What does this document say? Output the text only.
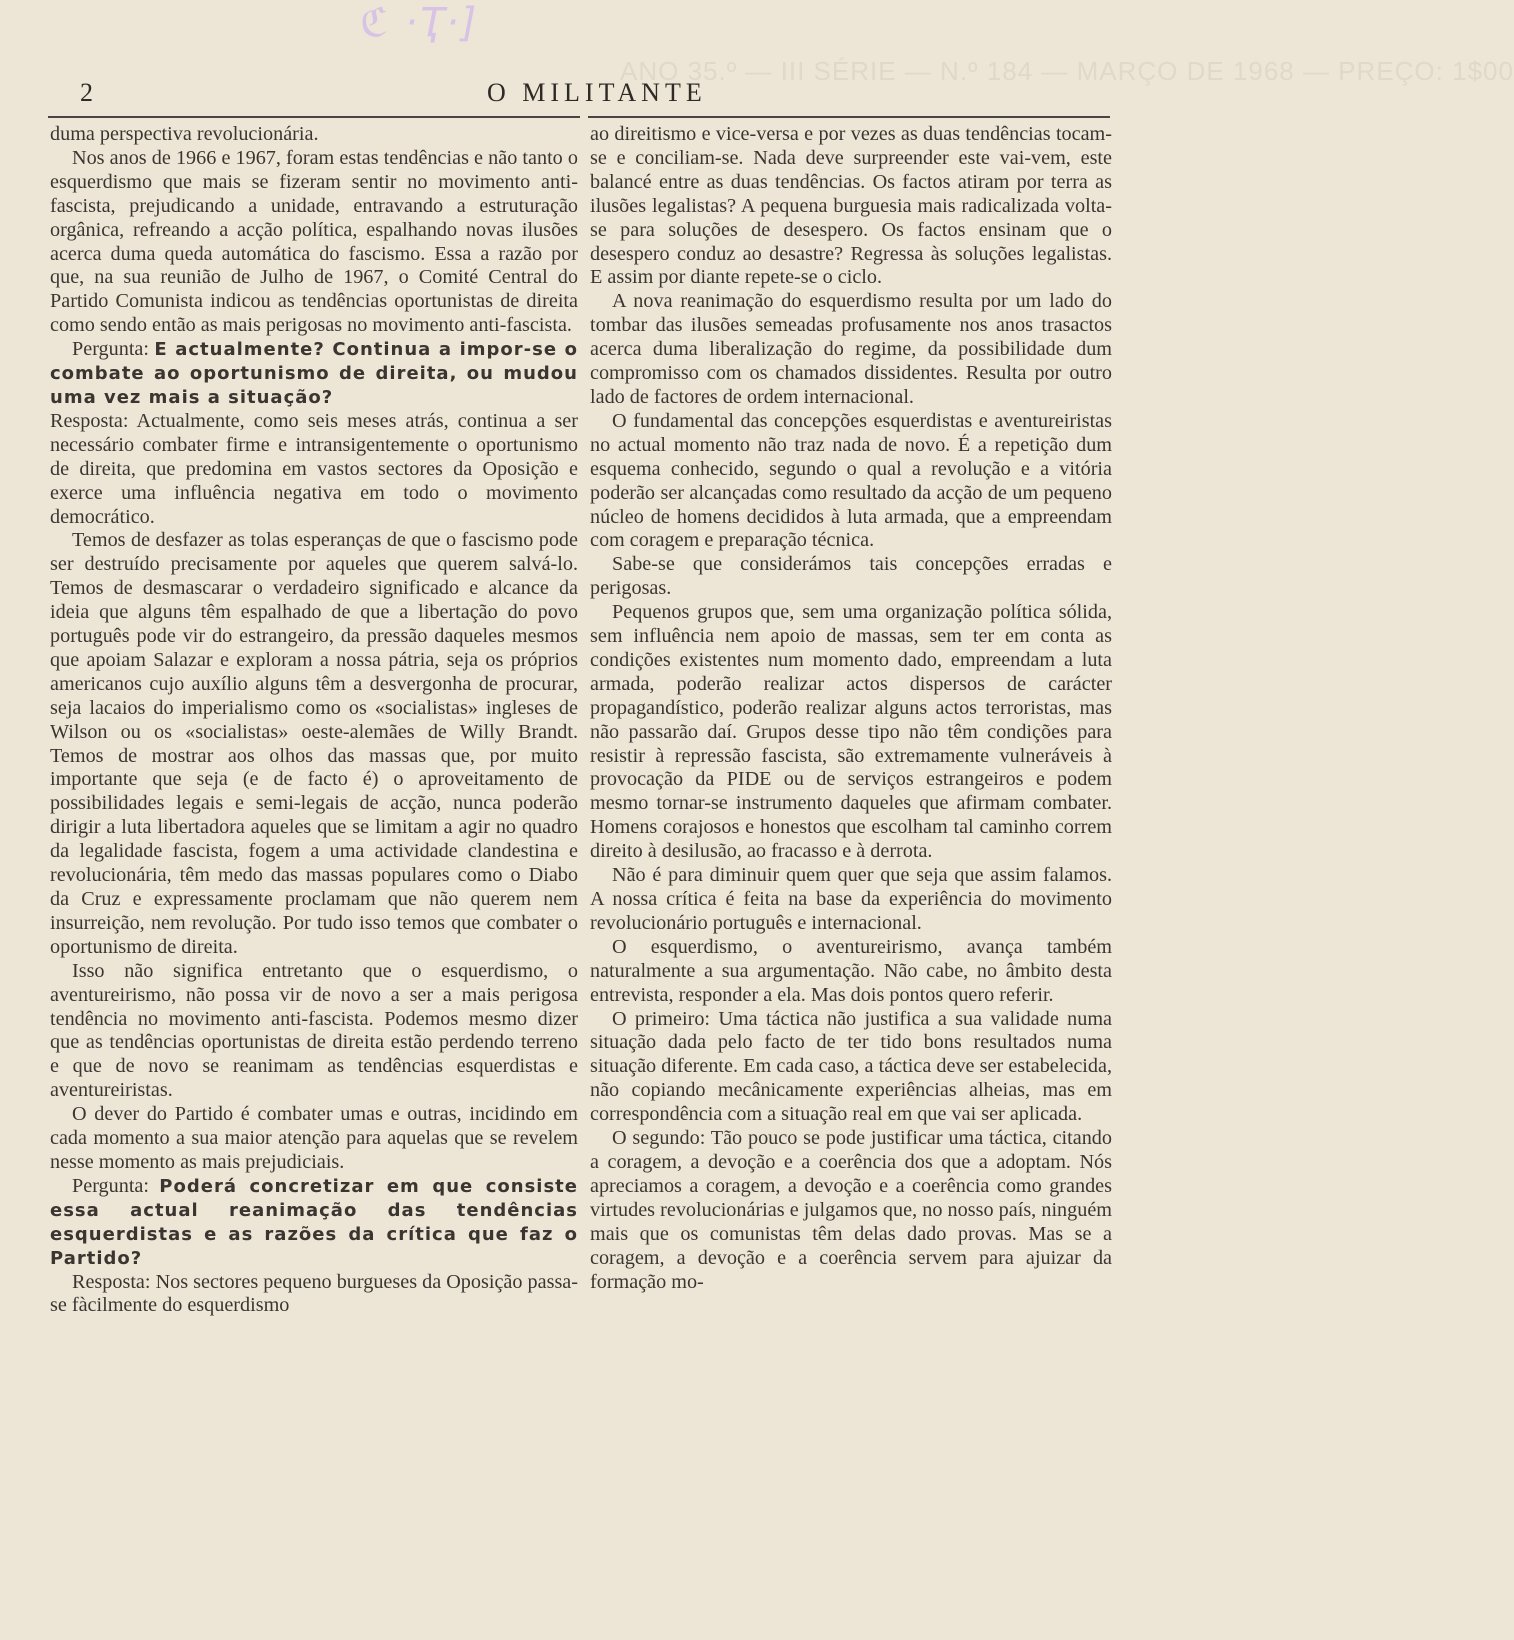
ℭ ·Ҭ·]
ANO 35.º — III SÉRIE — N.º 184 — MARÇO DE 1968 — PREÇO: 1$00
2	O MILITANTE

duma perspectiva revolucionária.

Nos anos de 1966 e 1967, foram estas tendências e não tanto o esquerdismo que mais se fizeram sentir no movimento anti-fascista, prejudicando a unidade, entravando a estruturação orgânica, refreando a acção política, espalhando novas ilusões acerca duma queda automática do fascismo. Essa a razão por que, na sua reunião de Julho de 1967, o Comité Central do Partido Comunista indicou as tendências oportunistas de direita como sendo então as mais perigosas no movimento anti-fascista.

Pergunta: E actualmente? Continua a impor-se o combate ao oportunismo de direita, ou mudou uma vez mais a situação?

Resposta: Actualmente, como seis meses atrás, continua a ser necessário combater firme e intransigentemente o oportunismo de direita, que predomina em vastos sectores da Oposição e exerce uma influência negativa em todo o movimento democrático.

Temos de desfazer as tolas esperanças de que o fascismo pode ser destruído precisamente por aqueles que querem salvá-lo. Temos de desmascarar o verdadeiro significado e alcance da ideia que alguns têm espalhado de que a libertação do povo português pode vir do estrangeiro, da pressão daqueles mesmos que apoiam Salazar e exploram a nossa pátria, seja os próprios americanos cujo auxílio alguns têm a desvergonha de procurar, seja lacaios do imperialismo como os «socialistas» ingleses de Wilson ou os «socialistas» oeste-alemães de Willy Brandt. Temos de mostrar aos olhos das massas que, por muito importante que seja (e de facto é) o aproveitamento de possibilidades legais e semi-legais de acção, nunca poderão dirigir a luta libertadora aqueles que se limitam a agir no quadro da legalidade fascista, fogem a uma actividade clandestina e revolucionária, têm medo das massas populares como o Diabo da Cruz e expressamente proclamam que não querem nem insurreição, nem revolução. Por tudo isso temos que combater o oportunismo de direita.

Isso não significa entretanto que o esquerdismo, o aventureirismo, não possa vir de novo a ser a mais perigosa tendência no movimento anti-fascista. Podemos mesmo dizer que as tendências oportunistas de direita estão perdendo terreno e que de novo se reanimam as tendências esquerdistas e aventureiristas.

O dever do Partido é combater umas e outras, incidindo em cada momento a sua maior atenção para aquelas que se revelem nesse momento as mais prejudiciais.

Pergunta: Poderá concretizar em que consiste essa actual reanimação das tendências esquerdistas e as razões da crítica que faz o Partido?

Resposta: Nos sectores pequeno burgueses da Oposição passa-se fàcilmente do esquerdismo

ao direitismo e vice-versa e por vezes as duas tendências tocam-se e conciliam-se. Nada deve surpreender este vai-vem, este balancé entre as duas tendências. Os factos atiram por terra as ilusões legalistas? A pequena burguesia mais radicalizada volta-se para soluções de desespero. Os factos ensinam que o desespero conduz ao desastre? Regressa às soluções legalistas. E assim por diante repete-se o ciclo.

A nova reanimação do esquerdismo resulta por um lado do tombar das ilusões semeadas profusamente nos anos trasactos acerca duma liberalização do regime, da possibilidade dum compromisso com os chamados dissidentes. Resulta por outro lado de factores de ordem internacional.

O fundamental das concepções esquerdistas e aventureiristas no actual momento não traz nada de novo. É a repetição dum esquema conhecido, segundo o qual a revolução e a vitória poderão ser alcançadas como resultado da acção de um pequeno núcleo de homens decididos à luta armada, que a empreendam com coragem e preparação técnica.

Sabe-se que considerámos tais concepções erradas e perigosas.

Pequenos grupos que, sem uma organização política sólida, sem influência nem apoio de massas, sem ter em conta as condições existentes num momento dado, empreendam a luta armada, poderão realizar actos dispersos de carácter propagandístico, poderão realizar alguns actos terroristas, mas não passarão daí. Grupos desse tipo não têm condições para resistir à repressão fascista, são extremamente vulneráveis à provocação da PIDE ou de serviços estrangeiros e podem mesmo tornar-se instrumento daqueles que afirmam combater. Homens corajosos e honestos que escolham tal caminho correm direito à desilusão, ao fracasso e à derrota.

Não é para diminuir quem quer que seja que assim falamos. A nossa crítica é feita na base da experiência do movimento revolucionário português e internacional.

O esquerdismo, o aventureirismo, avança também naturalmente a sua argumentação. Não cabe, no âmbito desta entrevista, responder a ela. Mas dois pontos quero referir.

O primeiro: Uma táctica não justifica a sua validade numa situação dada pelo facto de ter tido bons resultados numa situação diferente. Em cada caso, a táctica deve ser estabelecida, não copiando mecânicamente experiências alheias, mas em correspondência com a situação real em que vai ser aplicada.

O segundo: Tão pouco se pode justificar uma táctica, citando a coragem, a devoção e a coerência dos que a adoptam. Nós apreciamos a coragem, a devoção e a coerência como grandes virtudes revolucionárias e julgamos que, no nosso país, ninguém mais que os comunistas têm delas dado provas. Mas se a coragem, a devoção e a coerência servem para ajuizar da formação mo-
